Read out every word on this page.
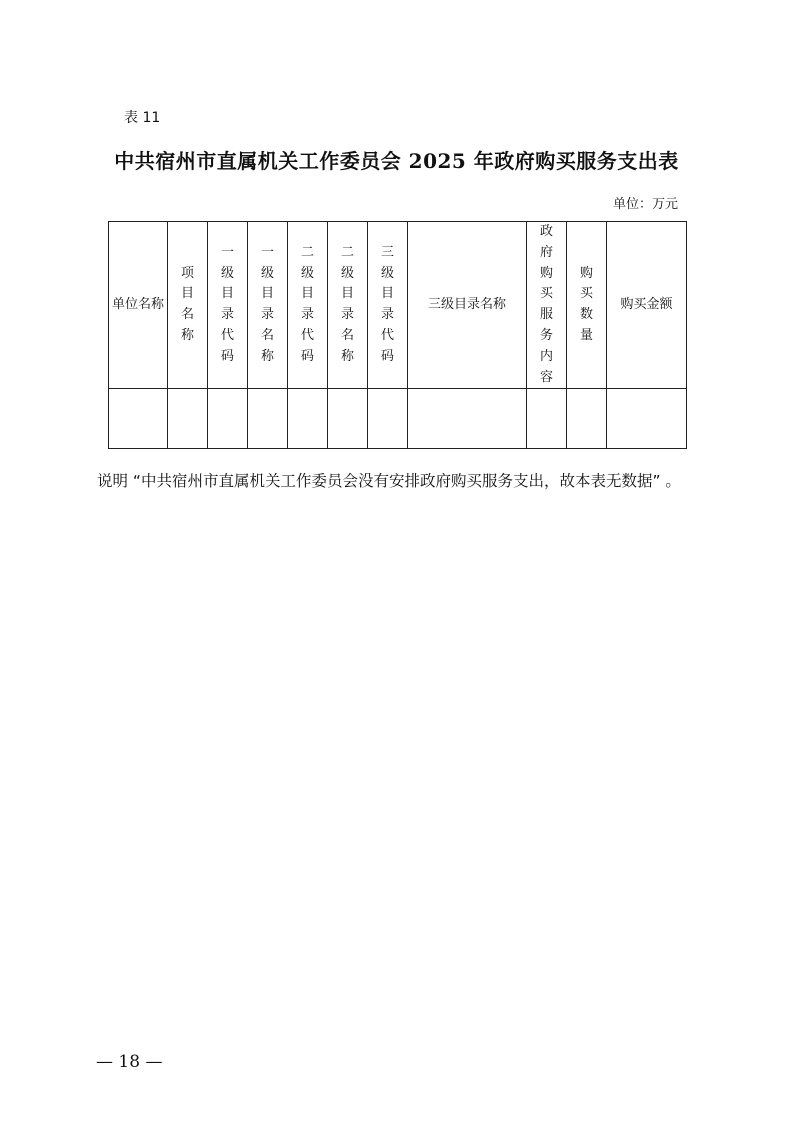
表 11
中共宿州市直属机关工作委员会 2025 年政府购买服务支出表
单位：万元
单位名称	项目名称	一级目录代码	一级目录名称	二级目录代码	二级目录名称	三级目录代码	三级目录名称	政府购买服务内容	购买数量	购买金额

说明 “中共宿州市直属机关工作委员会没有安排政府购买服务支出，故本表无数据” 。
— 18 —
